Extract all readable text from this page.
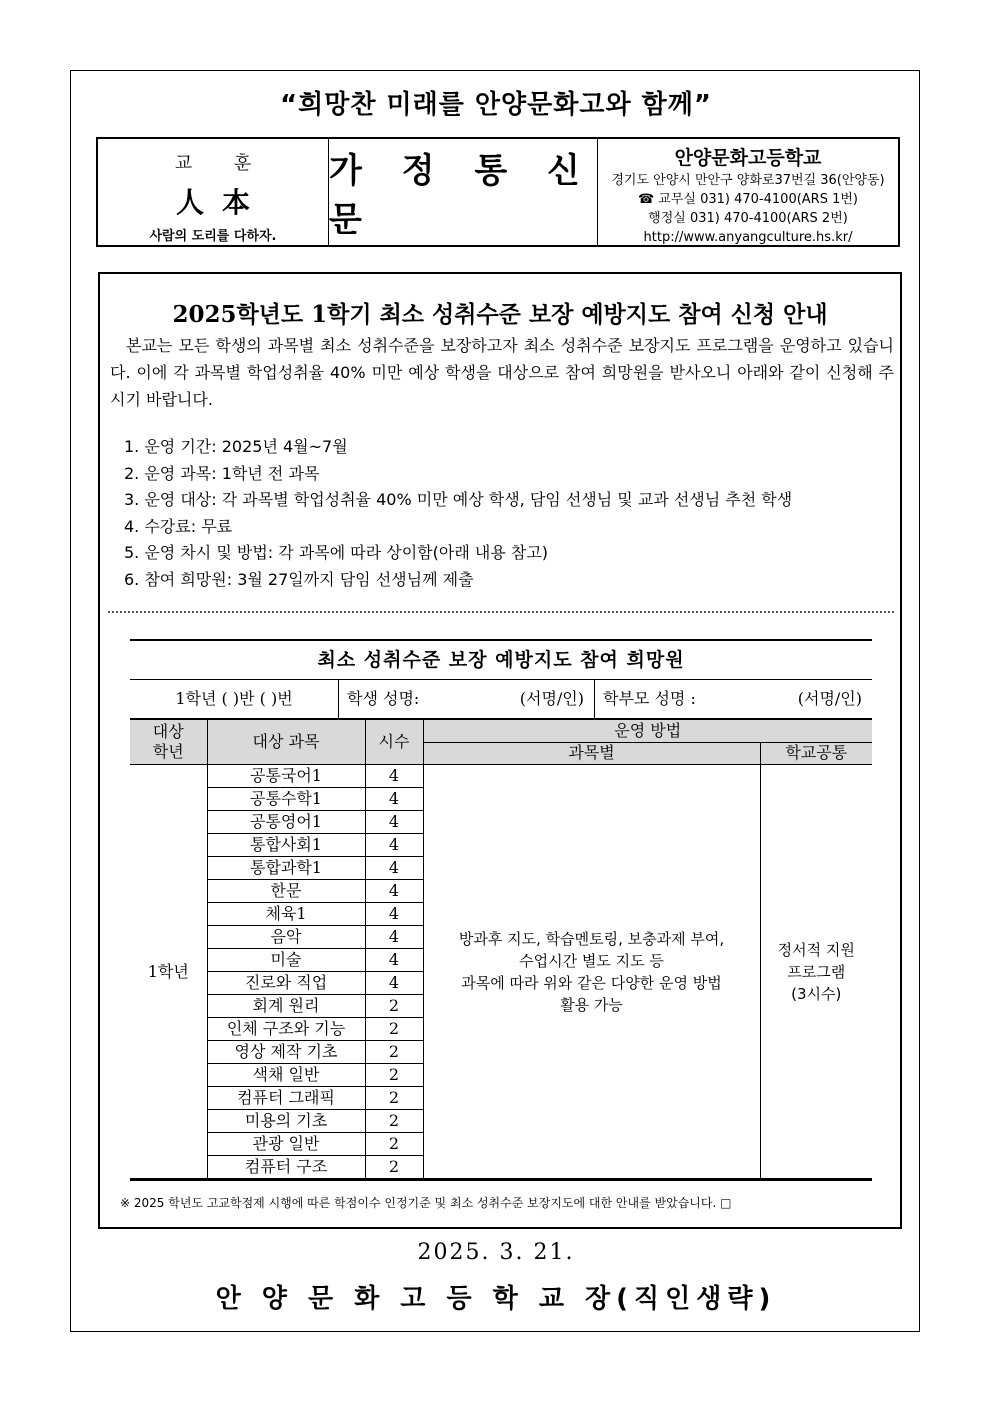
“희망찬 미래를 안양문화고와 함께”
교 훈
人本
사람의 도리를 다하자.
가 정 통 신 문
안양문화고등학교
경기도 안양시 만안구 양화로37번길 36(안양동)
☎ 교무실 031) 470-4100(ARS 1번)
행정실 031) 470-4100(ARS 2번)
http://www.anyangculture.hs.kr/
2025학년도 1학기 최소 성취수준 보장 예방지도 참여 신청 안내
본교는 모든 학생의 과목별 최소 성취수준을 보장하고자 최소 성취수준 보장지도 프로그램을 운영하고 있습니다. 이에 각 과목별 학업성취율 40% 미만 예상 학생을 대상으로 참여 희망원을 받사오니 아래와 같이 신청해 주시기 바랍니다.
1. 운영 기간: 2025년 4월~7월
2. 운영 과목: 1학년 전 과목
3. 운영 대상: 각 과목별 학업성취율 40% 미만 예상 학생, 담임 선생님 및 교과 선생님 추천 학생
4. 수강료: 무료
5. 운영 차시 및 방법: 각 과목에 따라 상이함(아래 내용 참고)
6. 참여 희망원: 3월 27일까지 담임 선생님께 제출
최소 성취수준 보장 예방지도 참여 희망원
1학년 ( )반 ( )번	학생 성명:	(서명/인)	학부모 성명 :	(서명/인)
대상
학년	대상 과목	시수	운영 방법	
			과목별	학교공통
1학년	공통국어1	4	방과후 지도, 학습멘토링, 보충과제 부여,
수업시간 별도 지도 등
과목에 따라 위와 같은 다양한 운영 방법
활용 가능	정서적 지원
프로그램
(3시수)
	공통수학1	4		
	공통영어1	4		
	통합사회1	4		
	통합과학1	4		
	한문	4		
	체육1	4		
	음악	4		
	미술	4		
	진로와 직업	4		
	회계 원리	2		
	인체 구조와 기능	2		
	영상 제작 기초	2		
	색채 일반	2		
	컴퓨터 그래픽	2		
	미용의 기초	2		
	관광 일반	2		
	컴퓨터 구조	2		
※ 2025 학년도 고교학점제 시행에 따른 학점이수 인정기준 및 최소 성취수준 보장지도에 대한 안내를 받았습니다. □
2025. 3. 21.
안 양 문 화 고 등 학 교 장(직인생략)
